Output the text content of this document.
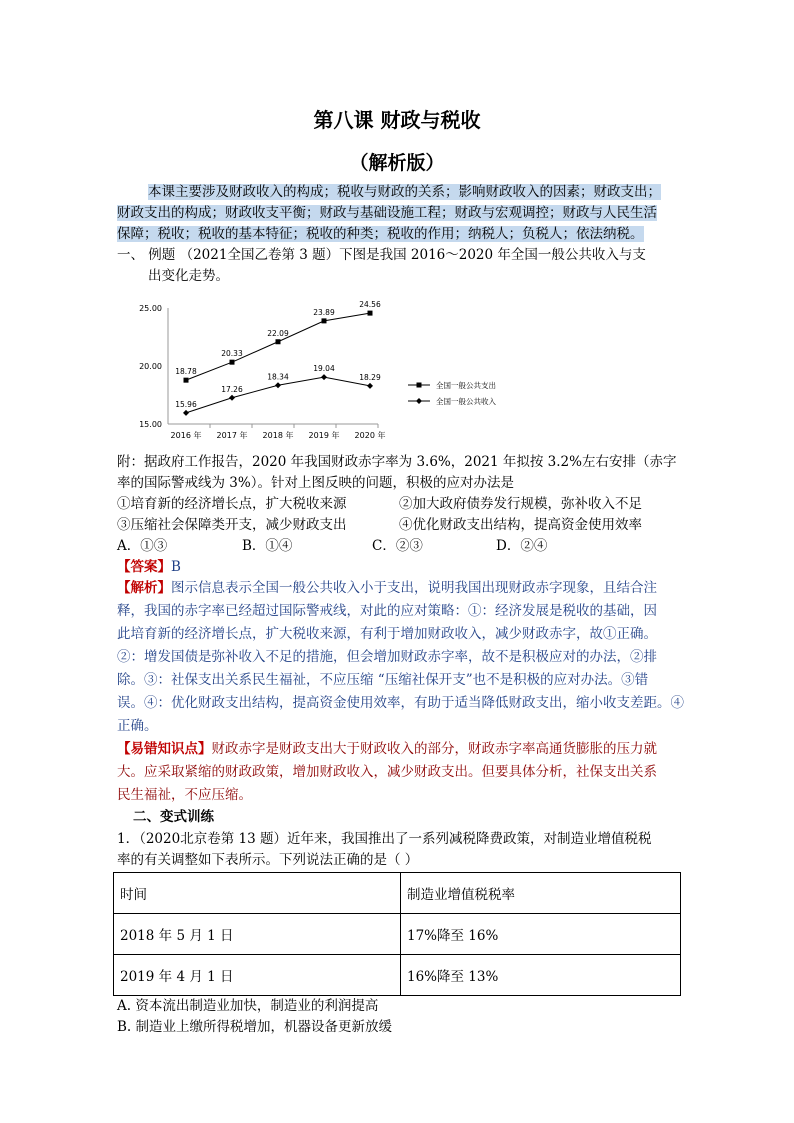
第八课 财政与税收
（解析版）
本课主要涉及财政收入的构成；税收与财政的关系；影响财政收入的因素；财政支出；
财政支出的构成；财政收支平衡；财政与基础设施工程；财政与宏观调控；财政与人民生活
保障；税收；税收的基本特征；税收的种类；税收的作用；纳税人；负税人；依法纳税。
一、 例题 （2021全国乙卷第 3 题）下图是我国 2016～2020 年全国一般公共收入与支
出变化走势。
25.00
20.00
15.00
2016 年 2017 年 2018 年 2019 年 2020 年
18.78
20.33
22.09
23.89
24.56
全国一般公共支出
15.96
17.26
18.34
19.04
18.29
全国一般公共收入
附：据政府工作报告，2020 年我国财政赤字率为 3.6%，2021 年拟按 3.2%左右安排（赤字
率的国际警戒线为 3%）。针对上图反映的问题，积极的应对办法是
①培育新的经济增长点，扩大税收来源	②加大政府债券发行规模，弥补收入不足
③压缩社会保障类开支，减少财政支出	④优化财政支出结构，提高资金使用效率
A．①③	B．①④	C．②③	D．②④
【答案】B
【解析】图示信息表示全国一般公共收入小于支出，说明我国出现财政赤字现象，且结合注
释，我国的赤字率已经超过国际警戒线，对此的应对策略：①：经济发展是税收的基础，因
此培育新的经济增长点，扩大税收来源，有利于增加财政收入，减少财政赤字，故①正确。
②：增发国债是弥补收入不足的措施，但会增加财政赤字率，故不是积极应对的办法，②排
除。③：社保支出关系民生福祉，不应压缩 “压缩社保开支”也不是积极的应对办法。③错
误。④：优化财政支出结构，提高资金使用效率，有助于适当降低财政支出，缩小收支差距。④
正确。
【易错知识点】财政赤字是财政支出大于财政收入的部分，财政赤字率高通货膨胀的压力就
大。应采取紧缩的财政政策，增加财政收入，减少财政支出。但要具体分析，社保支出关系
民生福祉，不应压缩。
二、变式训练
1．（2020北京卷第 13 题）近年来，我国推出了一系列减税降费政策，对制造业增值税税
率的有关调整如下表所示。下列说法正确的是（ ）
时间	制造业增值税税率
2018 年 5 月 1 日	17%降至 16%
2019 年 4 月 1 日	16%降至 13%
A. 资本流出制造业加快，制造业的利润提高
B. 制造业上缴所得税增加，机器设备更新放缓
